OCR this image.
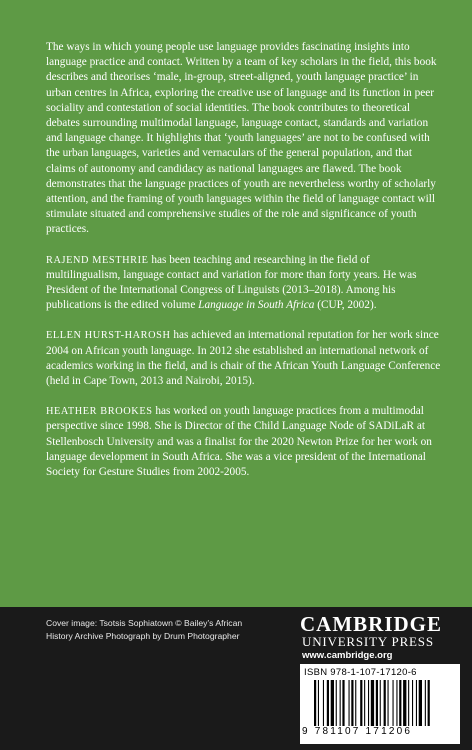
The ways in which young people use language provides fascinating insights into language practice and contact. Written by a team of key scholars in the field, this book describes and theorises ‘male, in-group, street-aligned, youth language practice’ in urban centres in Africa, exploring the creative use of language and its function in peer sociality and contestation of social identities. The book contributes to theoretical debates surrounding multimodal language, language contact, standards and variation and language change. It highlights that ‘youth languages’ are not to be confused with the urban languages, varieties and vernaculars of the general population, and that claims of autonomy and candidacy as national languages are flawed. The book demonstrates that the language practices of youth are nevertheless worthy of scholarly attention, and the framing of youth languages within the field of language contact will stimulate situated and comprehensive studies of the role and significance of youth practices.

RAJEND MESTHRIE has been teaching and researching in the field of multilingualism, language contact and variation for more than forty years. He was President of the International Congress of Linguists (2013–2018). Among his publications is the edited volume Language in South Africa (CUP, 2002).

ELLEN HURST-HAROSH has achieved an international reputation for her work since 2004 on African youth language. In 2012 she established an international network of academics working in the field, and is chair of the African Youth Language Conference (held in Cape Town, 2013 and Nairobi, 2015).

HEATHER BROOKES has worked on youth language practices from a multimodal perspective since 1998. She is Director of the Child Language Node of SADiLaR at Stellenbosch University and was a finalist for the 2020 Newton Prize for her work on language development in South Africa. She was a vice president of the International Society for Gesture Studies from 2002-2005.

Cover image: Tsotsis Sophiatown © Bailey’s African History Archive Photograph by Drum Photographer	CAMBRIDGE
UNIVERSITY PRESS
www.cambridge.org
ISBN 978-1-107-17120-6
9 781107 171206
